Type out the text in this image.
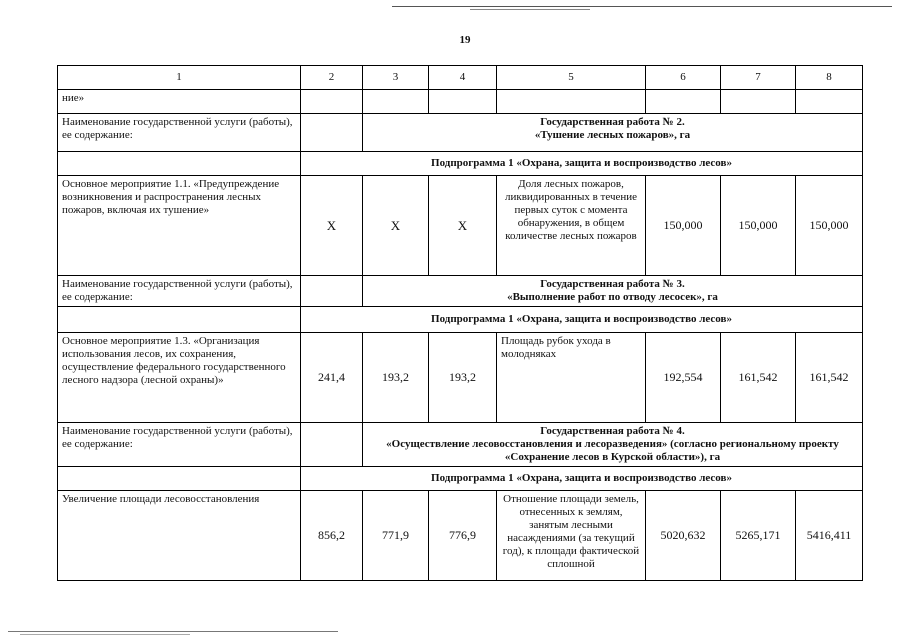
19
1	2	3	4	5	6	7	8
ние»							
Наименование государственной услуги (работы), ее содержание:		Государственная работа № 2.
«Тушение лесных пожаров», га					

	Подпрограмма 1 «Охрана, защита и воспроизводство лесов»						
Основное мероприятие 1.1. «Предупреждение возникновения и распространения лесных пожаров, включая их тушение»	Х	Х	Х	Доля лесных пожаров, ликвидированных в течение первых суток с момента обнаружения, в общем количестве лесных пожаров	150,000	150,000	150,000
Наименование государственной услуги (работы), ее содержание:		Государственная работа № 3.
«Выполнение работ по отводу лесосек», га					

	Подпрограмма 1 «Охрана, защита и воспроизводство лесов»						
Основное мероприятие 1.3. «Организация использования лесов, их сохранения, осуществление федерального государственного лесного надзора (лесной охраны)»	241,4	193,2	193,2	Площадь рубок ухода в молодняках	192,554	161,542	161,542
Наименование государственной услуги (работы), ее содержание:		Государственная работа № 4.
«Осуществление лесовосстановления и лесоразведения» (согласно региональному проекту «Сохранение лесов в Курской области»), га					

	Подпрограмма 1 «Охрана, защита и воспроизводство лесов»						
Увеличение площади лесовосстановления	856,2	771,9	776,9	Отношение площади земель, отнесенных к землям, занятым лесными насаждениями (за текущий год), к площади фактической сплошной	5020,632	5265,171	5416,411
